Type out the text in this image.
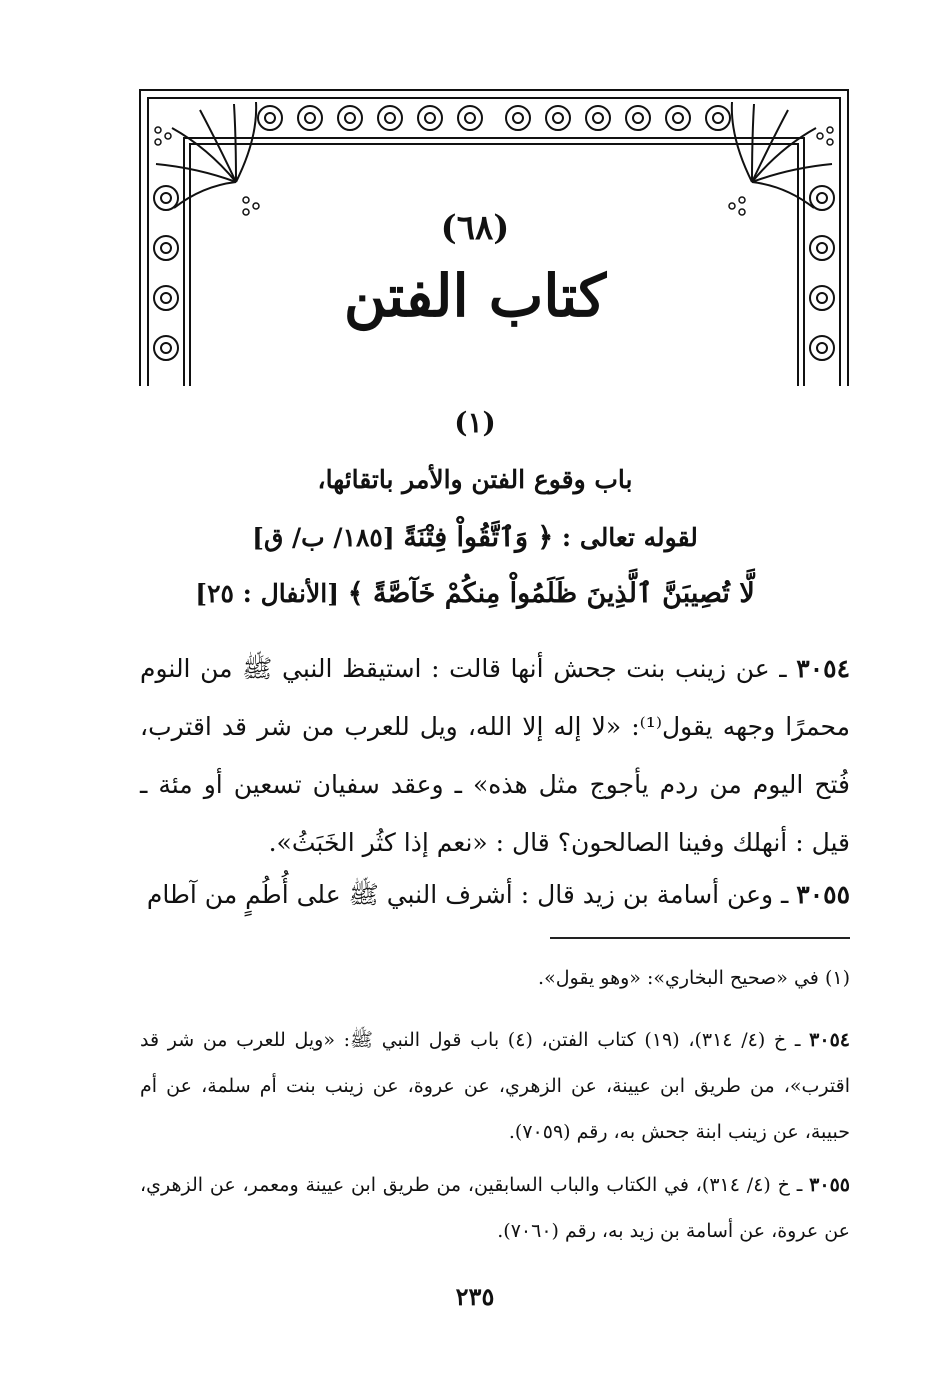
(٦٨)
كتاب الفتن
(١)
باب وقوع الفتن والأمر باتقائها،
لقوله تعالى : ﴿ وَٱتَّقُواْ فِتْنَةً [١٨٥/ ب/ ق]
لَّا تُصِيبَنَّ ٱلَّذِينَ ظَلَمُواْ مِنكُمْ خَآصَّةً ﴾ [الأنفال : ٢٥]
٣٠٥٤ ـ عن زينب بنت جحش أنها قالت : استيقظ النبي ﷺ من النوم محمرًا وجهه يقول⁽¹⁾: «لا إله إلا الله، ويل للعرب من شر قد اقترب، فُتح اليوم من ردم يأجوج مثل هذه» ـ وعقد سفيان تسعين أو مئة ـ قيل : أنهلك وفينا الصالحون؟ قال : «نعم إذا كثُر الخَبَثُ».
٣٠٥٥ ـ وعن أسامة بن زيد قال : أشرف النبي ﷺ على أُطُمٍ من آطام
(١) في «صحيح البخاري»: «وهو يقول».
٣٠٥٤ ـ خ (٤/ ٣١٤)، (١٩) كتاب الفتن، (٤) باب قول النبي ﷺ: «ويل للعرب من شر قد اقترب»، من طريق ابن عيينة، عن الزهري، عن عروة، عن زينب بنت أم سلمة، عن أم حبيبة، عن زينب ابنة جحش به، رقم (٧٠٥٩).
٣٠٥٥ ـ خ (٤/ ٣١٤)، في الكتاب والباب السابقين، من طريق ابن عيينة ومعمر، عن الزهري، عن عروة، عن أسامة بن زيد به، رقم (٧٠٦٠).
٢٣٥
